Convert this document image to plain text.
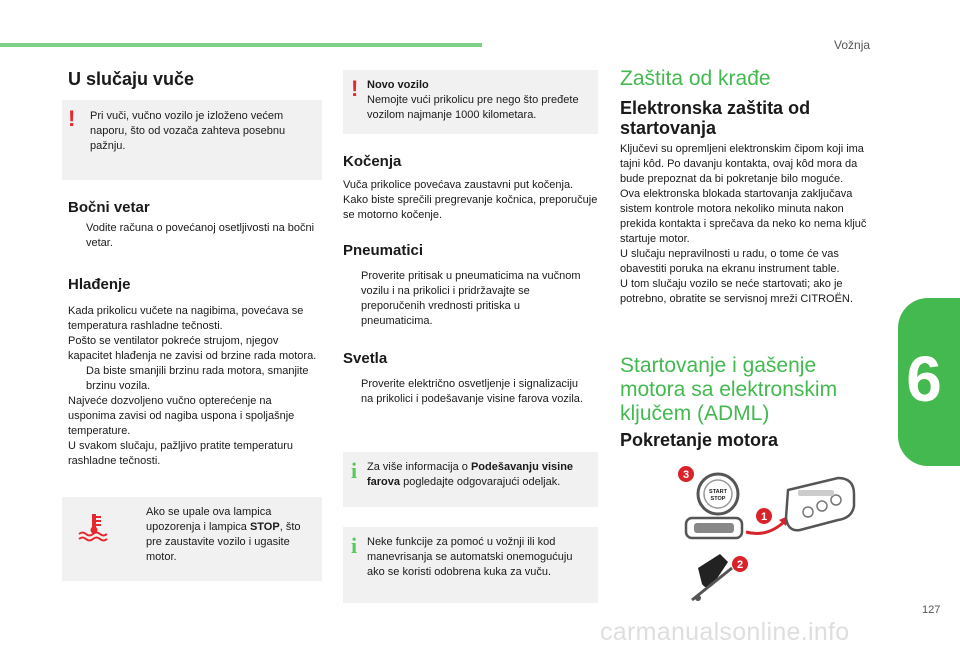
Vožnja
6
127
U slučaju vuče
! Pri vuči, vučno vozilo je izloženo većem naporu, što od vozača zahteva posebnu pažnju.

Bočni vetar

Vodite računa o povećanoj osetljivosti na bočni vetar.

Hlađenje

Kada prikolicu vučete na nagibima, povećava se temperatura rashladne tečnosti.

Pošto se ventilator pokreće strujom, njegov kapacitet hlađenja ne zavisi od brzine rada motora.

Da biste smanjili brzinu rada motora, smanjite brzinu vozila.

Najveće dozvoljeno vučno opterećenje na usponima zavisi od nagiba uspona i spoljašnje temperature.

U svakom slučaju, pažljivo pratite temperaturu rashladne tečnosti.

Ako se upale ova lampica upozorenja i lampica STOP, što pre zaustavite vozilo i ugasite motor.

! Novo vozilo
Nemojte vući prikolicu pre nego što pređete vozilom najmanje 1000 kilometara.

Kočenja

Vuča prikolice povećava zaustavni put kočenja. Kako biste sprečili pregrevanje kočnica, preporučuje se motorno kočenje.

Pneumatici

Proverite pritisak u pneumaticima na vučnom vozilu i na prikolici i pridržavajte se preporučenih vrednosti pritiska u pneumaticima.

Svetla

Proverite električno osvetljenje i signalizaciju na prikolici i podešavanje visine farova vozila.

i Za više informacija o Podešavanju visine farova pogledajte odgovarajući odeljak.

i Neke funkcije za pomoć u vožnji ili kod manevrisanja se automatski onemogućuju ako se koristi odobrena kuka za vuču.

Zaštita od krađe
Elektronska zaštita od startovanja

Ključevi su opremljeni elektronskim čipom koji ima tajni kôd. Po davanju kontakta, ovaj kôd mora da bude prepoznat da bi pokretanje bilo moguće.

Ova elektronska blokada startovanja zaključava sistem kontrole motora nekoliko minuta nakon prekida kontakta i sprečava da neko ko nema ključ startuje motor.

U slučaju nepravilnosti u radu, o tome će vas obavestiti poruka na ekranu instrument table.

U tom slučaju vozilo se neće startovati; ako je potrebno, obratite se servisnoj mreži CITROËN.

Startovanje i gašenje motora sa elektronskim ključem (ADML)
Pokretanje motora
START
STOP
1
2
3
carmanualsonline.info
